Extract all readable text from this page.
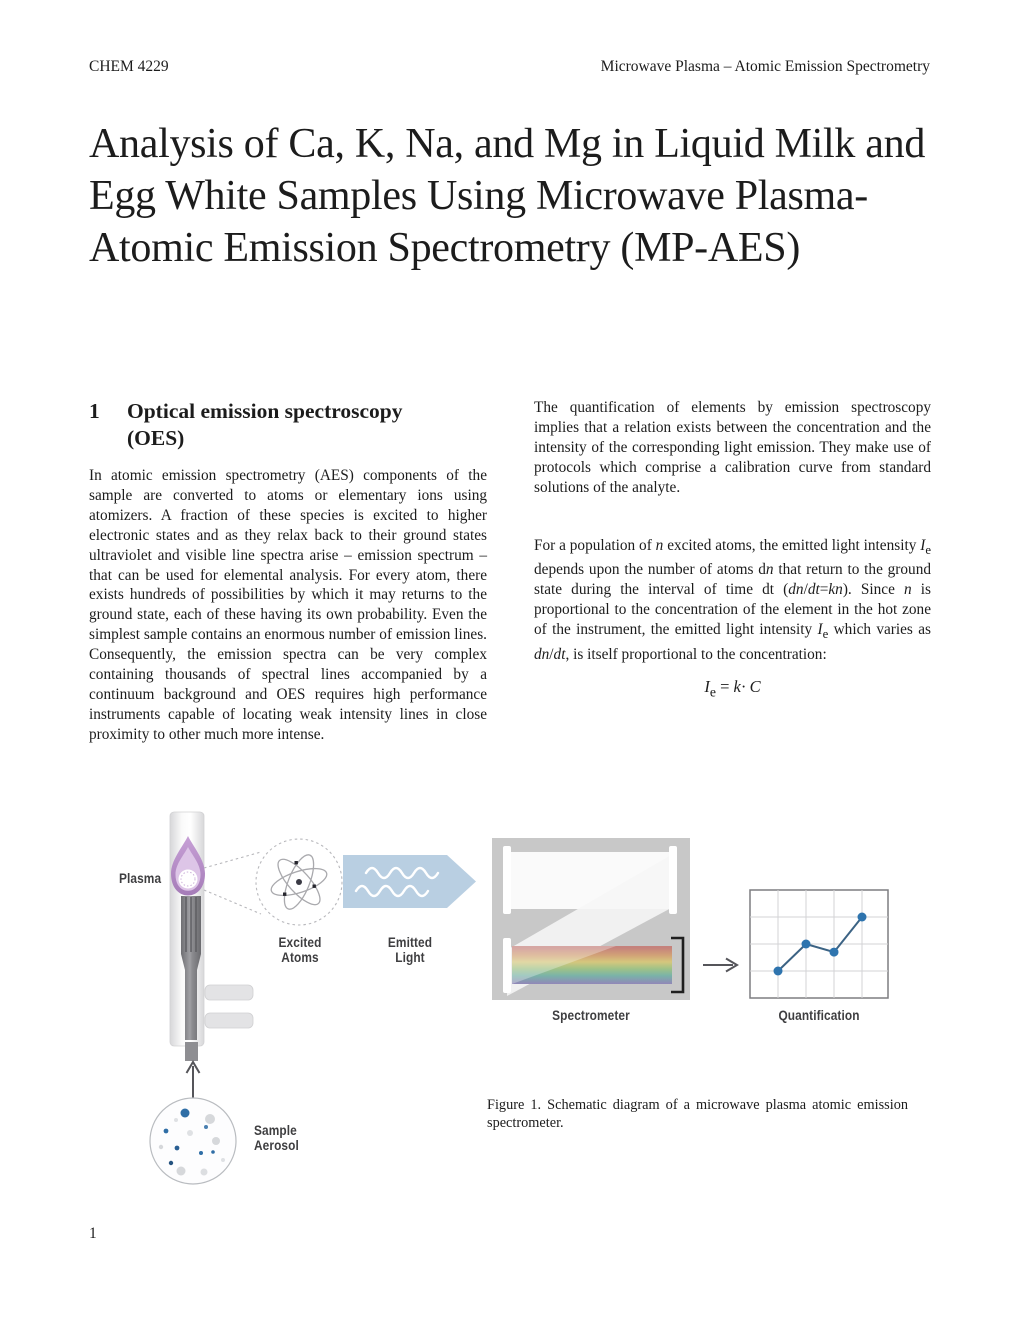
CHEM 4229	Microwave Plasma – Atomic Emission Spectrometry
Analysis of Ca, K, Na, and Mg in Liquid Milk and Egg White Samples Using Microwave Plasma-Atomic Emission Spectrometry (MP-AES)
1	Optical emission spectroscopy (OES)

In atomic emission spectrometry (AES) components of the sample are converted to atoms or elementary ions using atomizers. A fraction of these species is excited to higher electronic states and as they relax back to their ground states ultraviolet and visible line spectra arise – emission spectrum – that can be used for elemental analysis. For every atom, there exists hundreds of possibilities by which it may returns to the ground state, each of these having its own probability. Even the simplest sample contains an enormous number of emission lines. Consequently, the emission spectra can be very complex containing thousands of spectral lines accompanied by a continuum background and OES requires high performance instruments capable of locating weak intensity lines in close proximity to other much more intense.

The quantification of elements by emission spectroscopy implies that a relation exists between the concentration and the intensity of the corresponding light emission. They make use of protocols which comprise a calibration curve from standard solutions of the analyte.

For a population of n excited atoms, the emitted light intensity $I_e$ depends upon the number of atoms dn that return to the ground state during the interval of time dt (dn/dt=kn). Since n is proportional to the concentration of the element in the hot zone of the instrument, the emitted light intensity $I_e$ which varies as dn/dt, is itself proportional to the concentration:

$I_e = k\cdot C$
Plasma
Excited Atoms
Emitted Light
Spectrometer	Quantification
Sample Aerosol
Figure 1. Schematic diagram of a microwave plasma atomic emission spectrometer.
1
